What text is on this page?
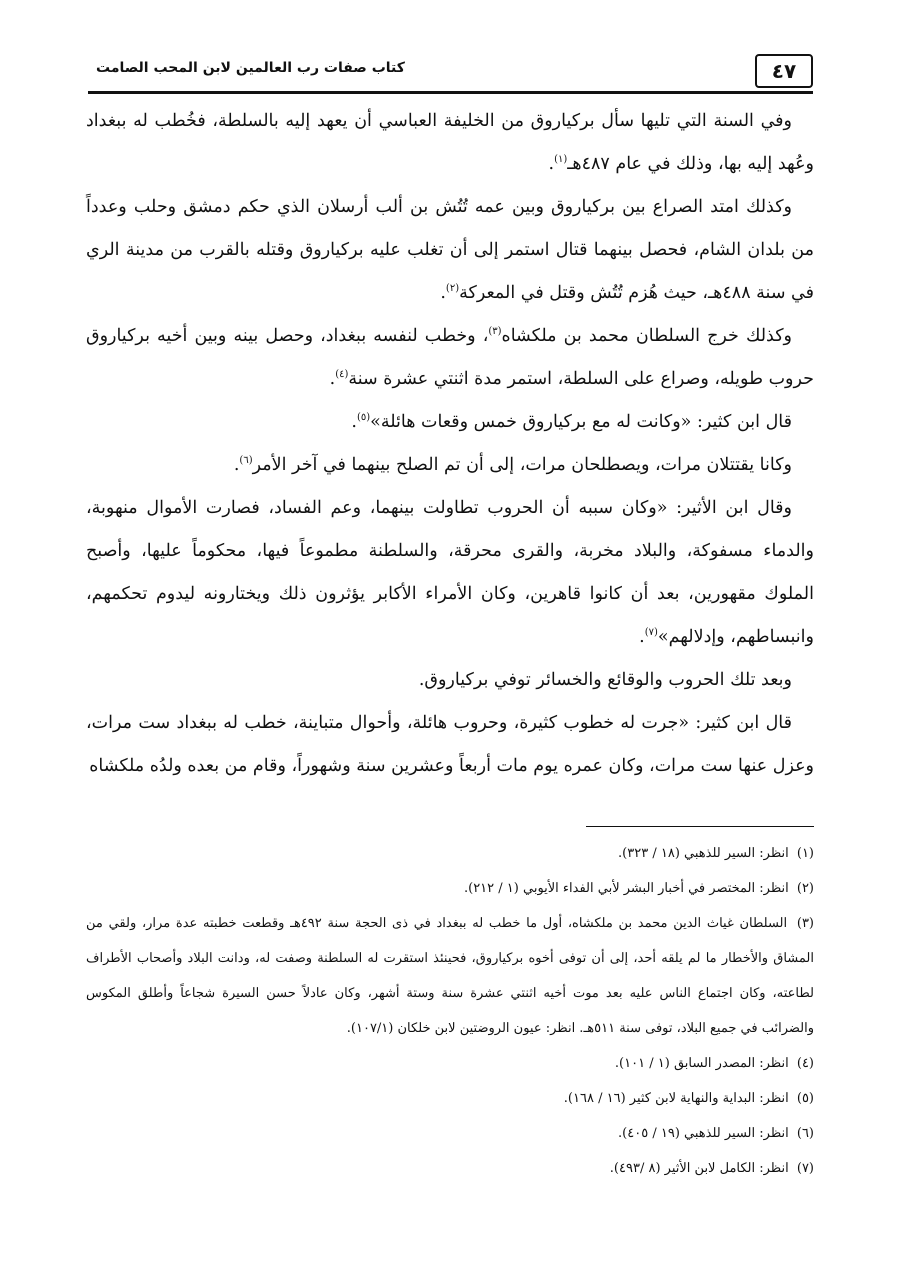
٤٧
كتاب صفات رب العالمين لابن المحب الصامت

وفي السنة التي تليها سأل بركياروق من الخليفة العباسي أن يعهد إليه بالسلطة، فخُطب له ببغداد وعُهد إليه بها، وذلك في عام ٤٨٧هـ$^{(١)}$.

وكذلك امتد الصراع بين بركياروق وبين عمه تُتُش بن ألب أرسلان الذي حكم دمشق وحلب وعدداً من بلدان الشام، فحصل بينهما قتال استمر إلى أن تغلب عليه بركياروق وقتله بالقرب من مدينة الري في سنة ٤٨٨هـ، حيث هُزم تُتُش وقتل في المعركة$^{(٢)}$.

وكذلك خرج السلطان محمد بن ملكشاه$^{(٣)}$، وخطب لنفسه ببغداد، وحصل بينه وبين أخيه بركياروق حروب طويله، وصراع على السلطة، استمر مدة اثنتي عشرة سنة$^{(٤)}$.

قال ابن كثير: «وكانت له مع بركياروق خمس وقعات هائلة»$^{(٥)}$.

وكانا يقتتلان مرات، ويصطلحان مرات، إلى أن تم الصلح بينهما في آخر الأمر$^{(٦)}$.

وقال ابن الأثير: «وكان سببه أن الحروب تطاولت بينهما، وعم الفساد، فصارت الأموال منهوبة، والدماء مسفوكة، والبلاد مخربة، والقرى محرقة، والسلطنة مطموعاً فيها، محكوماً عليها، وأصبح الملوك مقهورين، بعد أن كانوا قاهرين، وكان الأمراء الأكابر يؤثرون ذلك ويختارونه ليدوم تحكمهم، وانبساطهم، وإدلالهم»$^{(٧)}$.

وبعد تلك الحروب والوقائع والخسائر توفي بركياروق.

قال ابن كثير: «جرت له خطوب كثيرة، وحروب هائلة، وأحوال متباينة، خطب له ببغداد ست مرات، وعزل عنها ست مرات، وكان عمره يوم مات أربعاً وعشرين سنة وشهوراً، وقام من بعده ولدُه ملكشاه

(١) انظر: السير للذهبي (١٨ / ٣٢٣).

(٢) انظر: المختصر في أخبار البشر لأبي الفداء الأيوبي (١ / ٢١٢).

(٣) السلطان غياث الدين محمد بن ملكشاه، أول ما خطب له ببغداد في ذى الحجة سنة ٤٩٢هـ وقطعت خطبته عدة مرار، ولقي من المشاق والأخطار ما لم يلقه أحد، إلى أن توفى أخوه بركياروق، فحينئذ استقرت له السلطنة وصفت له، ودانت البلاد وأصحاب الأطراف لطاعته، وكان اجتماع الناس عليه بعد موت أخيه اثنتي عشرة سنة وستة أشهر، وكان عادلاً حسن السيرة شجاعاً وأطلق المكوس والضرائب في جميع البلاد، توفى سنة ٥١١هـ. انظر: عيون الروضتين لابن خلكان (١٠٧/١).

(٤) انظر: المصدر السابق (١ / ١٠١).

(٥) انظر: البداية والنهاية لابن كثير (١٦ / ١٦٨).

(٦) انظر: السير للذهبي (١٩ / ٤٠٥).

(٧) انظر: الكامل لابن الأثير (٨ /٤٩٣).
